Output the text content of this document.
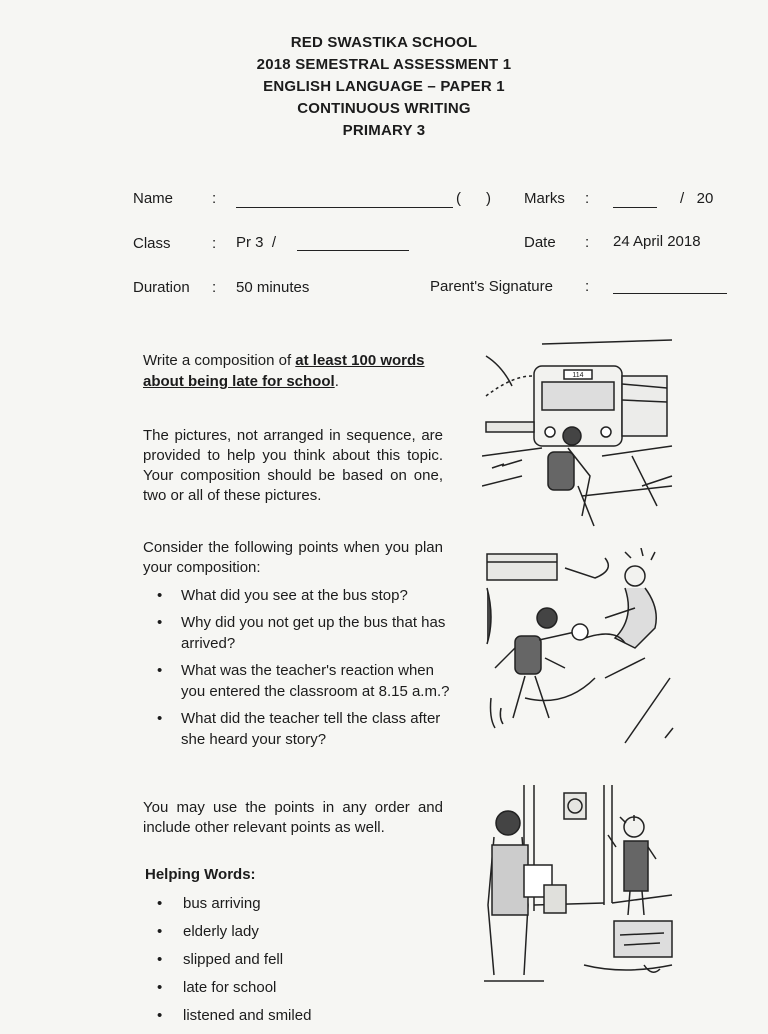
RED SWASTIKA SCHOOL
2018 SEMESTRAL ASSESSMENT 1
ENGLISH LANGUAGE – PAPER 1
CONTINUOUS WRITING
PRIMARY 3
Name	:	(      ) Marks :	/   20
Class	: Pr 3  /	Date : 24 April 2018
Duration : 50 minutes	Parent's Signature :
Write a composition of at least 100 words about being late for school.
The pictures, not arranged in sequence, are provided to help you think about this topic. Your composition should be based on one, two or all of these pictures.
Consider the following points when you plan your composition:
• What did you see at the bus stop?
• Why did you not get up the bus that has arrived?
• What was the teacher's reaction when you entered the classroom at 8.15 a.m.?
• What did the teacher tell the class after she heard your story?
You may use the points in any order and include other relevant points as well.
Helping Words:
• bus arriving
• elderly lady
• slipped and fell
• late for school
• listened and smiled
114
